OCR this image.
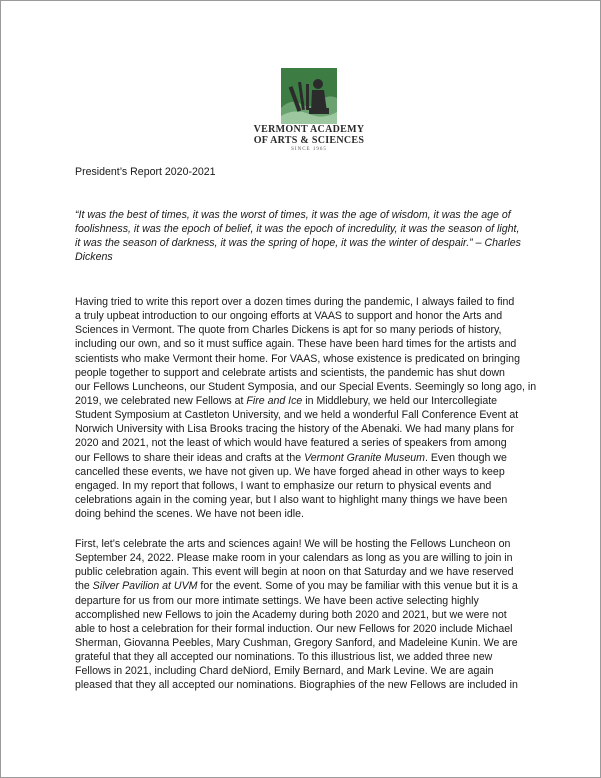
VERMONT ACADEMY
OF ARTS & SCIENCES
SINCE 1965
President’s Report 2020-2021
“It was the best of times, it was the worst of times, it was the age of wisdom, it was the age of
foolishness, it was the epoch of belief, it was the epoch of incredulity, it was the season of light,
it was the season of darkness, it was the spring of hope, it was the winter of despair.” – Charles
Dickens
Having tried to write this report over a dozen times during the pandemic, I always failed to find
a truly upbeat introduction to our ongoing efforts at VAAS to support and honor the Arts and
Sciences in Vermont. The quote from Charles Dickens is apt for so many periods of history,
including our own, and so it must suffice again. These have been hard times for the artists and
scientists who make Vermont their home. For VAAS, whose existence is predicated on bringing
people together to support and celebrate artists and scientists, the pandemic has shut down
our Fellows Luncheons, our Student Symposia, and our Special Events. Seemingly so long ago, in
2019, we celebrated new Fellows at Fire and Ice in Middlebury, we held our Intercollegiate
Student Symposium at Castleton University, and we held a wonderful Fall Conference Event at
Norwich University with Lisa Brooks tracing the history of the Abenaki. We had many plans for
2020 and 2021, not the least of which would have featured a series of speakers from among
our Fellows to share their ideas and crafts at the Vermont Granite Museum. Even though we
cancelled these events, we have not given up. We have forged ahead in other ways to keep
engaged. In my report that follows, I want to emphasize our return to physical events and
celebrations again in the coming year, but I also want to highlight many things we have been
doing behind the scenes. We have not been idle.
First, let’s celebrate the arts and sciences again! We will be hosting the Fellows Luncheon on
September 24, 2022. Please make room in your calendars as long as you are willing to join in
public celebration again. This event will begin at noon on that Saturday and we have reserved
the Silver Pavilion at UVM for the event. Some of you may be familiar with this venue but it is a
departure for us from our more intimate settings. We have been active selecting highly
accomplished new Fellows to join the Academy during both 2020 and 2021, but we were not
able to host a celebration for their formal induction. Our new Fellows for 2020 include Michael
Sherman, Giovanna Peebles, Mary Cushman, Gregory Sanford, and Madeleine Kunin. We are
grateful that they all accepted our nominations. To this illustrious list, we added three new
Fellows in 2021, including Chard deNiord, Emily Bernard, and Mark Levine. We are again
pleased that they all accepted our nominations. Biographies of the new Fellows are included in
